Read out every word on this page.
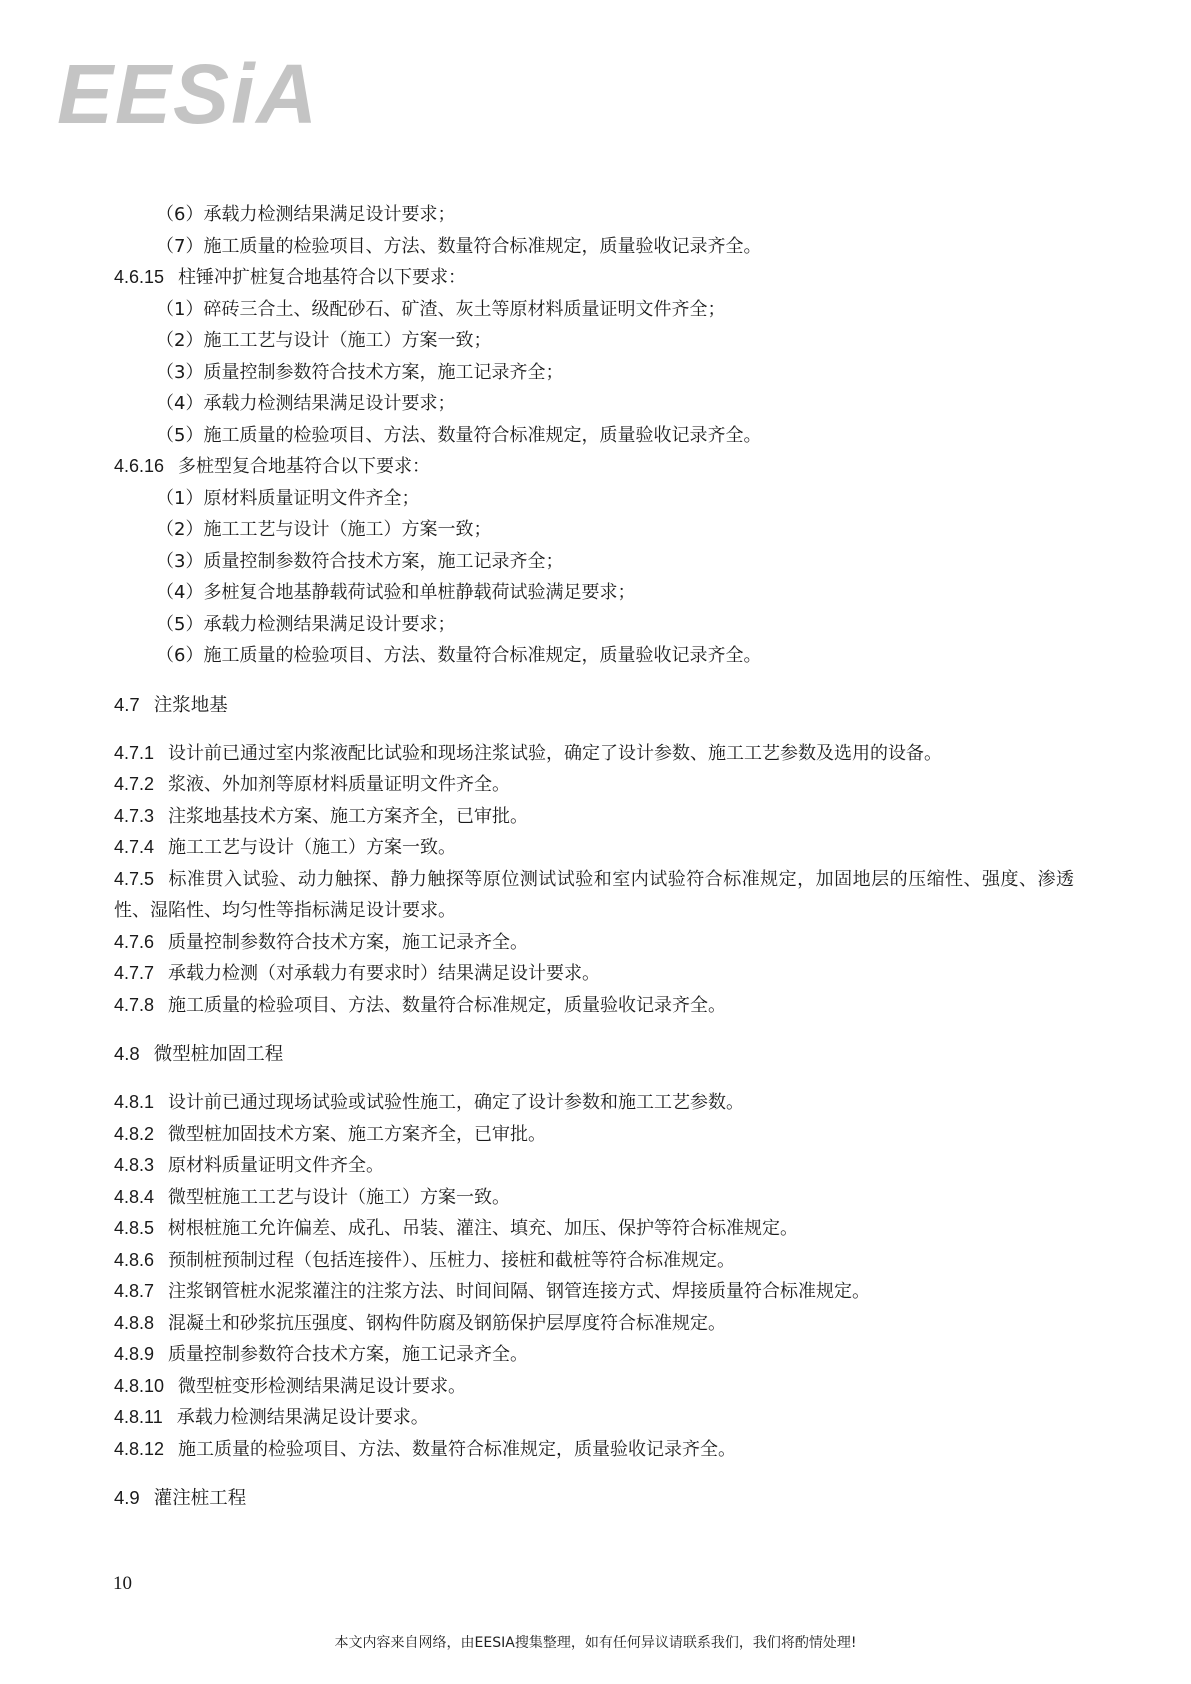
EESiA
（6）承载力检测结果满足设计要求；
（7）施工质量的检验项目、方法、数量符合标准规定，质量验收记录齐全。
4.6.15 柱锤冲扩桩复合地基符合以下要求：
（1）碎砖三合土、级配砂石、矿渣、灰土等原材料质量证明文件齐全；
（2）施工工艺与设计（施工）方案一致；
（3）质量控制参数符合技术方案，施工记录齐全；
（4）承载力检测结果满足设计要求；
（5）施工质量的检验项目、方法、数量符合标准规定，质量验收记录齐全。
4.6.16 多桩型复合地基符合以下要求：
（1）原材料质量证明文件齐全；
（2）施工工艺与设计（施工）方案一致；
（3）质量控制参数符合技术方案，施工记录齐全；
（4）多桩复合地基静载荷试验和单桩静载荷试验满足要求；
（5）承载力检测结果满足设计要求；
（6）施工质量的检验项目、方法、数量符合标准规定，质量验收记录齐全。
4.7 注浆地基
4.7.1 设计前已通过室内浆液配比试验和现场注浆试验，确定了设计参数、施工工艺参数及选用的设备。
4.7.2 浆液、外加剂等原材料质量证明文件齐全。
4.7.3 注浆地基技术方案、施工方案齐全，已审批。
4.7.4 施工工艺与设计（施工）方案一致。
4.7.5 标准贯入试验、动力触探、静力触探等原位测试试验和室内试验符合标准规定，加固地层的压缩性、强度、渗透性、湿陷性、均匀性等指标满足设计要求。
4.7.6 质量控制参数符合技术方案，施工记录齐全。
4.7.7 承载力检测（对承载力有要求时）结果满足设计要求。
4.7.8 施工质量的检验项目、方法、数量符合标准规定，质量验收记录齐全。
4.8 微型桩加固工程
4.8.1 设计前已通过现场试验或试验性施工，确定了设计参数和施工工艺参数。
4.8.2 微型桩加固技术方案、施工方案齐全，已审批。
4.8.3 原材料质量证明文件齐全。
4.8.4 微型桩施工工艺与设计（施工）方案一致。
4.8.5 树根桩施工允许偏差、成孔、吊装、灌注、填充、加压、保护等符合标准规定。
4.8.6 预制桩预制过程（包括连接件）、压桩力、接桩和截桩等符合标准规定。
4.8.7 注浆钢管桩水泥浆灌注的注浆方法、时间间隔、钢管连接方式、焊接质量符合标准规定。
4.8.8 混凝土和砂浆抗压强度、钢构件防腐及钢筋保护层厚度符合标准规定。
4.8.9 质量控制参数符合技术方案，施工记录齐全。
4.8.10 微型桩变形检测结果满足设计要求。
4.8.11 承载力检测结果满足设计要求。
4.8.12 施工质量的检验项目、方法、数量符合标准规定，质量验收记录齐全。
4.9 灌注桩工程
10
本文内容来自网络，由EESIA搜集整理，如有任何异议请联系我们，我们将酌情处理!
